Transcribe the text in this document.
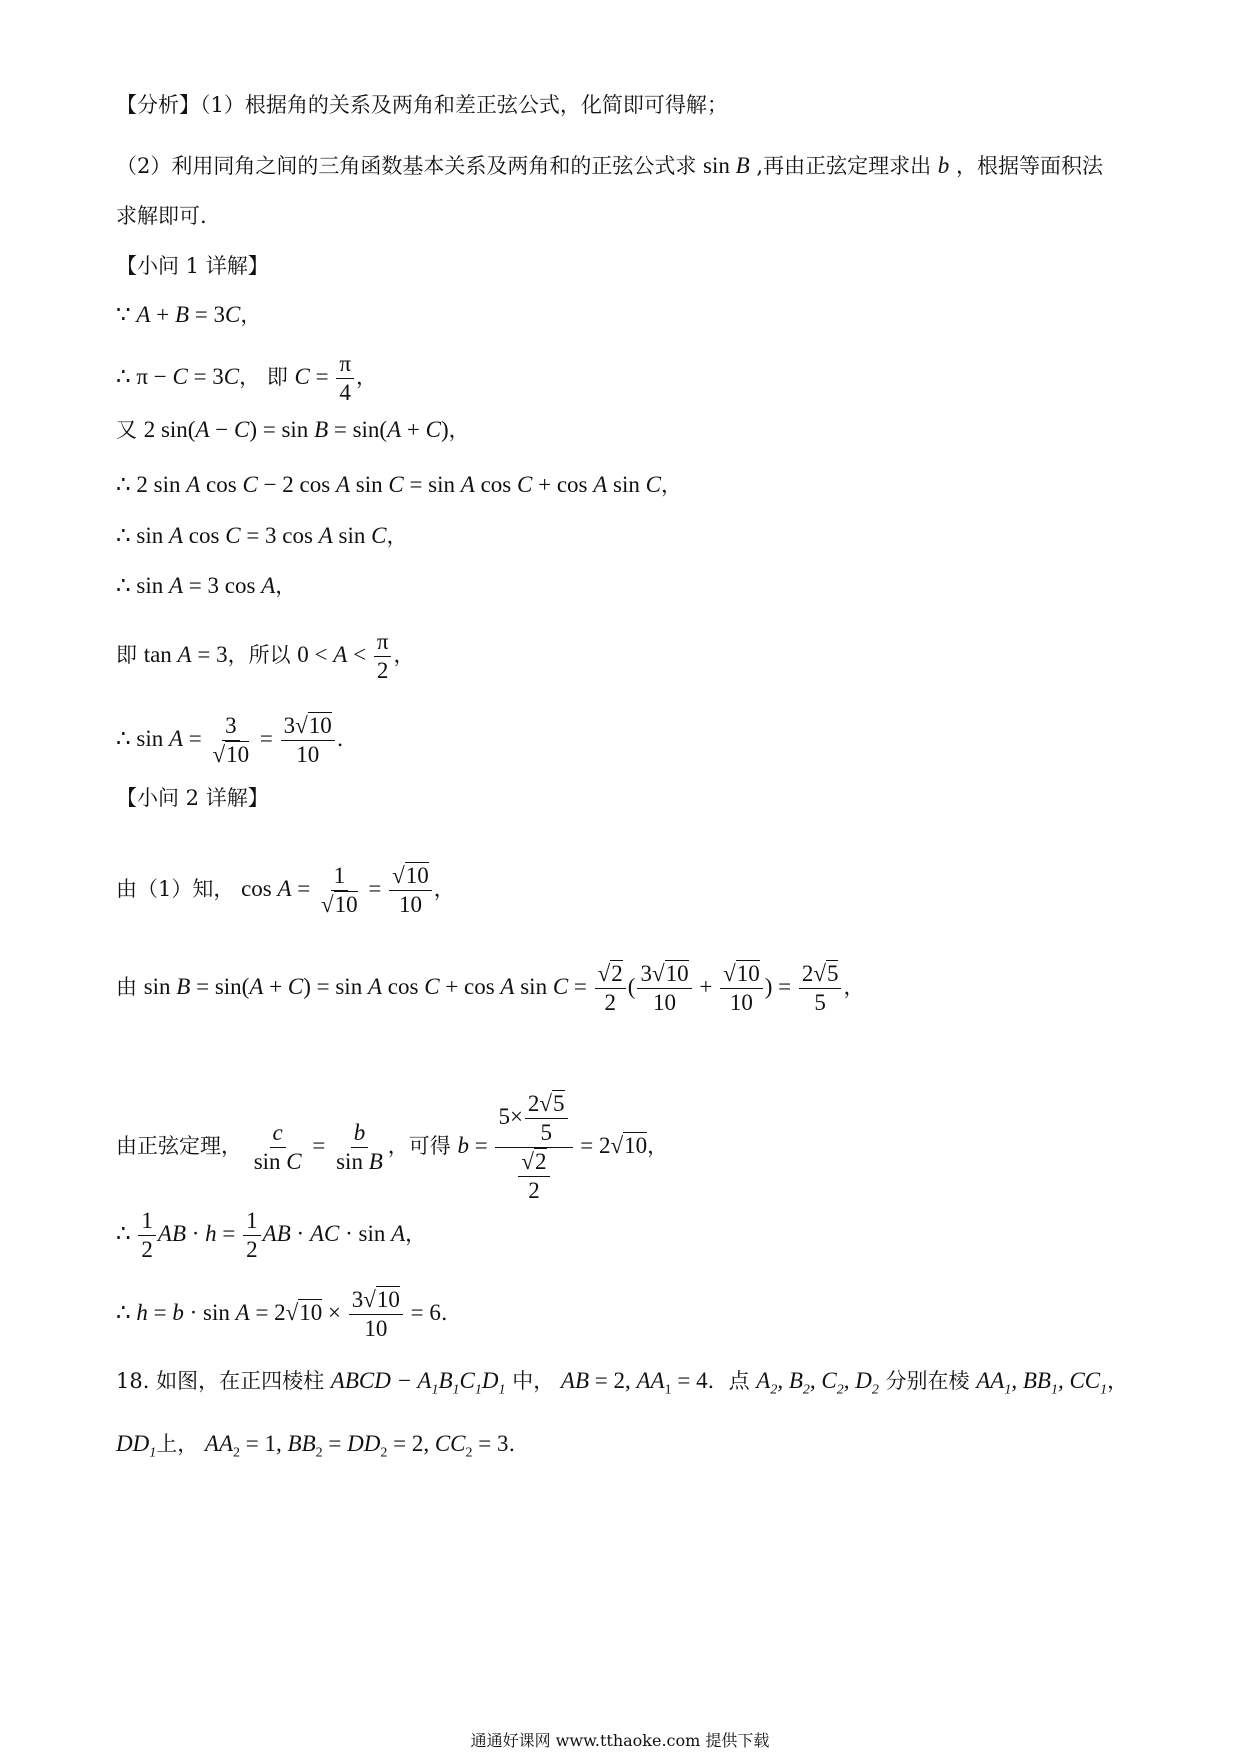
【分析】（1）根据角的关系及两角和差正弦公式，化简即可得解；
（2）利用同角之间的三角函数基本关系及两角和的正弦公式求 sin B ,再由正弦定理求出 b ，根据等面积法
求解即可.
【小问 1 详解】
∵ A + B = 3C，
∴ π − C = 3C， 即 $C = \frac{\pi}{4}$ ，
又 2 sin(A − C) = sin B = sin(A + C)，
∴ 2 sin A cos C − 2 cos A sin C = sin A cos C + cos A sin C，
∴ sin A cos C = 3 cos A sin C，
∴ sin A = 3 cos A，
即 tan A = 3，所以 $0 < A < \frac{\pi}{2}$ ，
∴ $\sin A = \frac{3}{√10} = \frac{3√10}{10}$ .
【小问 2 详解】
由（1）知， $\cos A = \frac{1}{√10} = \frac{√10}{10}$ ，
由 sin B = sin(A + C) = sin A cos C + cos A $\sin C = \frac{√2}{2}$ ( $\frac{3√10}{10} + \frac{√10}{10}$ ) = $\frac{2√5}{5}$ ，
由正弦定理， $\frac{c}{\text{sin C}} = \frac{b}{\text{sin B}}$ ，可得 $b = \frac{5\times \frac{2√5}{5}}{\frac{√2}{2}} = 2√10$，
∴ $\frac{1}{2}$ AB · $h = \frac{1}{2}$ AB · AC · sin A，
∴ $h = b \cdot \sin A = 2√10 \times \frac{3√10}{10} = 6$.
18. 如图，在正四棱柱 ABCD − $A_1B_1C_1D_1$ 中， AB = 2, $AA_1 = 4$．点 $A_2$, $B_2$, $C_2$, $D_2$ 分别在棱 $AA_1$, $BB_1$, $CC_1$，
$DD_1$上， $AA_2 = 1$, $BB_2 = DD_2 = 2$, $CC_2 = 3$.
通通好课网 www.tthaoke.com 提供下载
